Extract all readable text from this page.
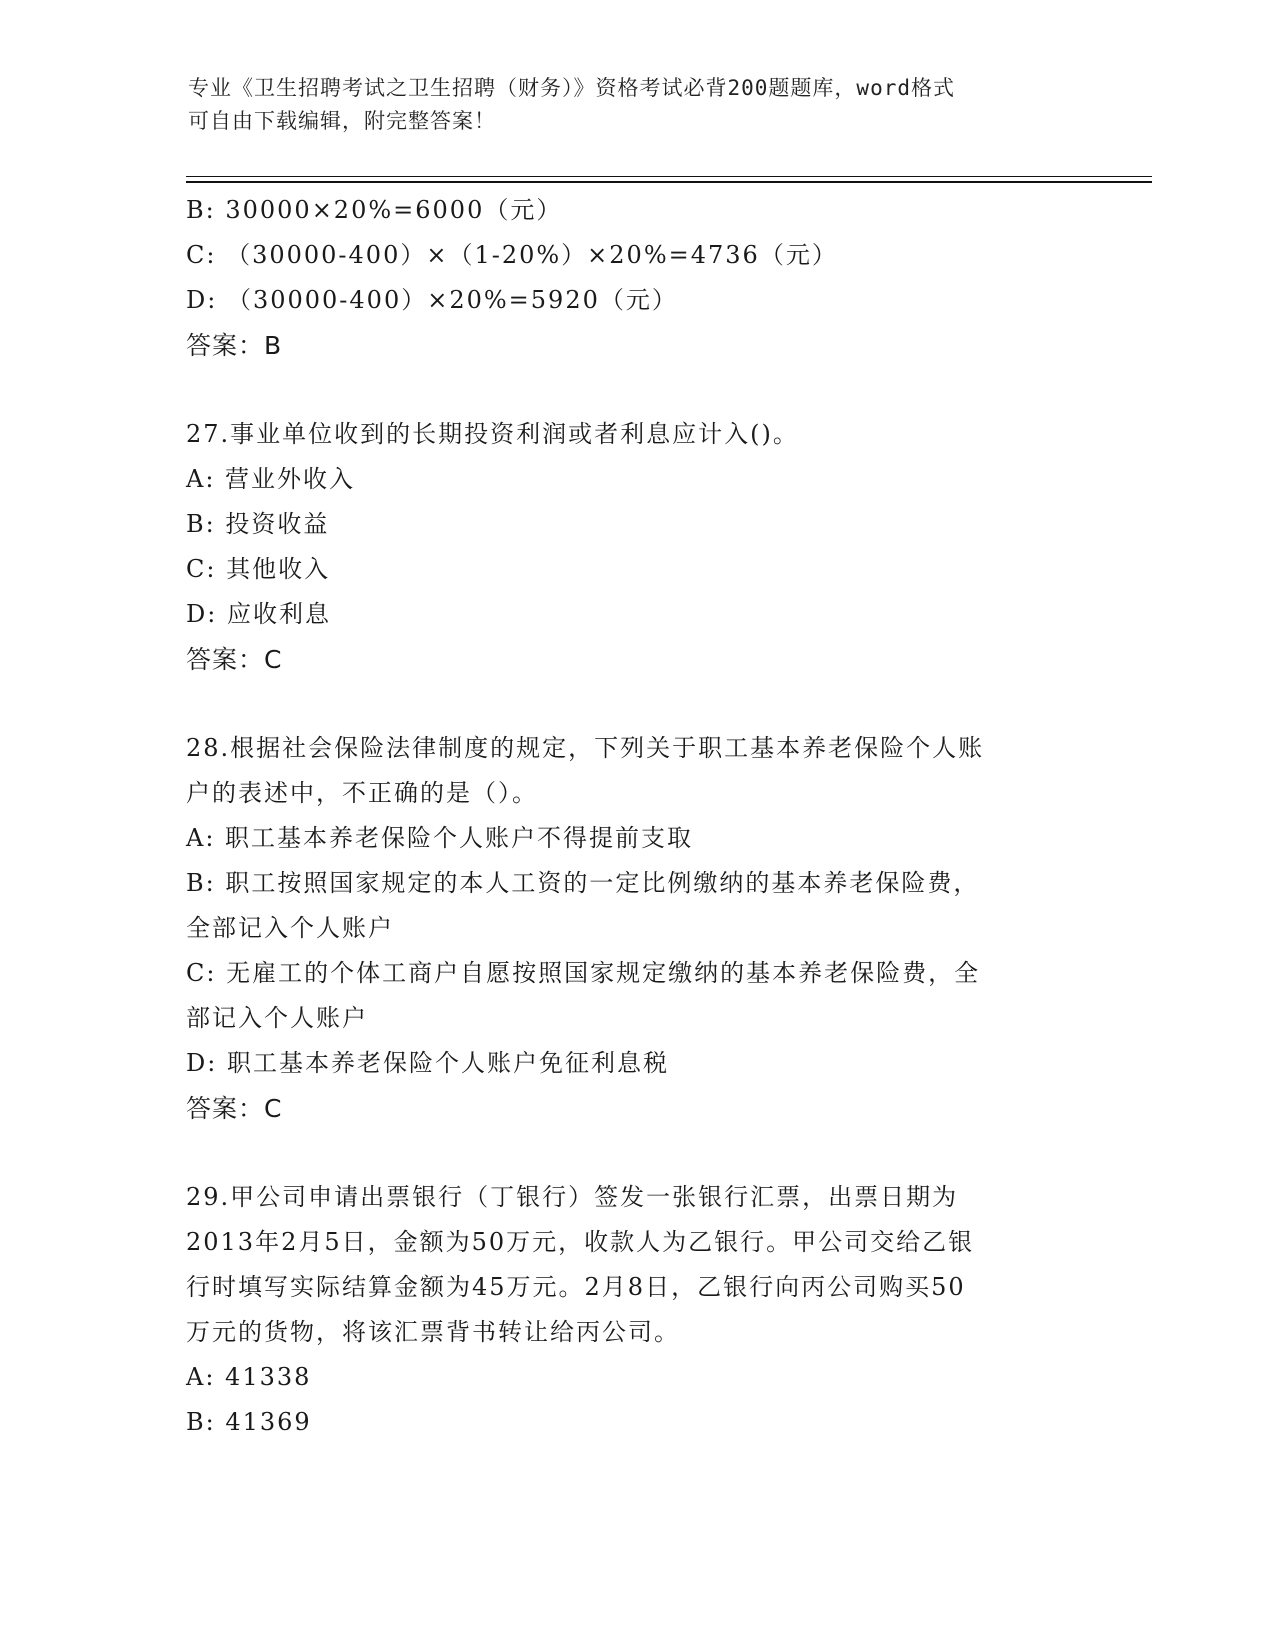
专业《卫生招聘考试之卫生招聘（财务）》资格考试必背200题题库，word格式
可自由下载编辑，附完整答案！
B: 30000×20%=6000（元）
C: （30000-400）×（1-20%）×20%=4736（元）
D: （30000-400）×20%=5920（元）
答案：B
27.事业单位收到的长期投资利润或者利息应计入()。
A: 营业外收入
B: 投资收益
C: 其他收入
D: 应收利息
答案：C
28.根据社会保险法律制度的规定，下列关于职工基本养老保险个人账
户的表述中，不正确的是（）。
A: 职工基本养老保险个人账户不得提前支取
B: 职工按照国家规定的本人工资的一定比例缴纳的基本养老保险费，
全部记入个人账户
C: 无雇工的个体工商户自愿按照国家规定缴纳的基本养老保险费，全
部记入个人账户
D: 职工基本养老保险个人账户免征利息税
答案：C
29.甲公司申请出票银行（丁银行）签发一张银行汇票，出票日期为
2013年2月5日，金额为50万元，收款人为乙银行。甲公司交给乙银
行时填写实际结算金额为45万元。2月8日，乙银行向丙公司购买50
万元的货物，将该汇票背书转让给丙公司。
A: 41338
B: 41369
